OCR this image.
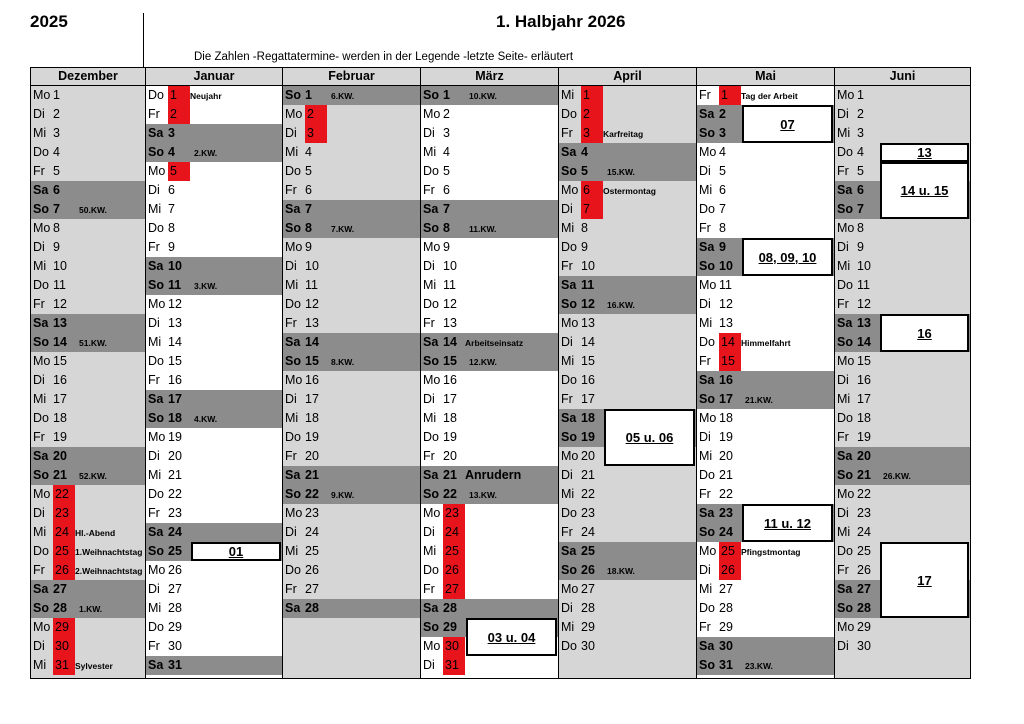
2025	1. Halbjahr 2026
Die Zahlen -Regattatermine- werden in der Legende -letzte Seite- erläutert
Dezember
Mo 1
Di 2
Mi 3
Do 4
Fr 5
Sa 6
So 7 50.KW.
Mo 8
Di 9
Mi 10
Do 11
Fr 12
Sa 13
So 14 51.KW.
Mo 15
Di 16
Mi 17
Do 18
Fr 19
Sa 20
So 21 52.KW.
Mo 22
Di 23
Mi 24 Hl.-Abend
Do 25 1.Weihnachtstag
Fr 26 2.Weihnachtstag
Sa 27
So 28 1.KW.
Mo 29
Di 30
Mi 31 Sylvester
Januar
Do 1	Neujahr
Fr 2
Sa 3
So 4 2.KW.
Mo 5
Di 6
Mi 7
Do 8
Fr 9
Sa 10
So 11 3.KW.
Mo 12
Di 13
Mi 14
Do 15
Fr 16
Sa 17
So 18 4.KW.
Mo 19
Di 20
Mi 21
Do 22
Fr 23
Sa 24
So 25
Mo 26
Di 27
Mi 28
Do 29
Fr 30
Sa 31
Februar
So 1 6.KW.
Mo 2
Di 3
Mi 4
Do 5
Fr 6
Sa 7
So 8 7.KW.
Mo 9
Di 10
Mi 11
Do 12
Fr 13
Sa 14
So 15 8.KW.
Mo 16
Di 17
Mi 18
Do 19
Fr 20
Sa 21
So 22 9.KW.
Mo 23
Di 24
Mi 25
Do 26
Fr 27
Sa 28
März
So 1 10.KW.
Mo 2
Di 3
Mi 4
Do 5
Fr 6
Sa 7
So 8 11.KW.
Mo 9
Di 10
Mi 11
Do 12
Fr 13
Sa 14 Arbeitseinsatz
So 15 12.KW.
Mo 16
Di 17
Mi 18
Do 19
Fr 20
Sa 21 Anrudern
So 22 13.KW.
Mo 23
Di 24
Mi 25
Do 26
Fr 27
Sa 28
So 29
Mo 30
Di 31
April
Mi 1
Do 2
Fr 3	Karfreitag
Sa 4
So 5 15.KW.
Mo 6	Ostermontag
Di 7
Mi 8
Do 9
Fr 10
Sa 11
So 12 16.KW.
Mo 13
Di 14
Mi 15
Do 16
Fr 17
Sa 18
So 19
Mo 20
Di 21
Mi 22
Do 23
Fr 24
Sa 25
So 26 18.KW.
Mo 27
Di 28
Mi 29
Do 30
Mai
Fr 1	Tag der Arbeit
Sa 2
So 3
Mo 4
Di 5
Mi 6
Do 7
Fr 8
Sa 9
So 10
Mo 11
Di 12
Mi 13
Do 14 Himmelfahrt
Fr 15
Sa 16
So 17 21.KW.
Mo 18
Di 19
Mi 20
Do 21
Fr 22
Sa 23
So 24
Mo 25 Pfingstmontag
Di 26
Mi 27
Do 28
Fr 29
Sa 30
So 31 23.KW.
Juni
Mo 1
Di 2
Mi 3
Do 4
Fr 5
Sa 6
So 7
Mo 8
Di 9
Mi 10
Do 11
Fr 12
Sa 13
So 14
Mo 15
Di 16
Mi 17
Do 18
Fr 19
Sa 20
So 21 26.KW.
Mo 22
Di 23
Mi 24
Do 25
Fr 26
Sa 27
So 28
Mo 29
Di 30
01
03 u. 04
05 u. 06
07
08, 09, 10
11 u. 12
13
14 u. 15
16
17
